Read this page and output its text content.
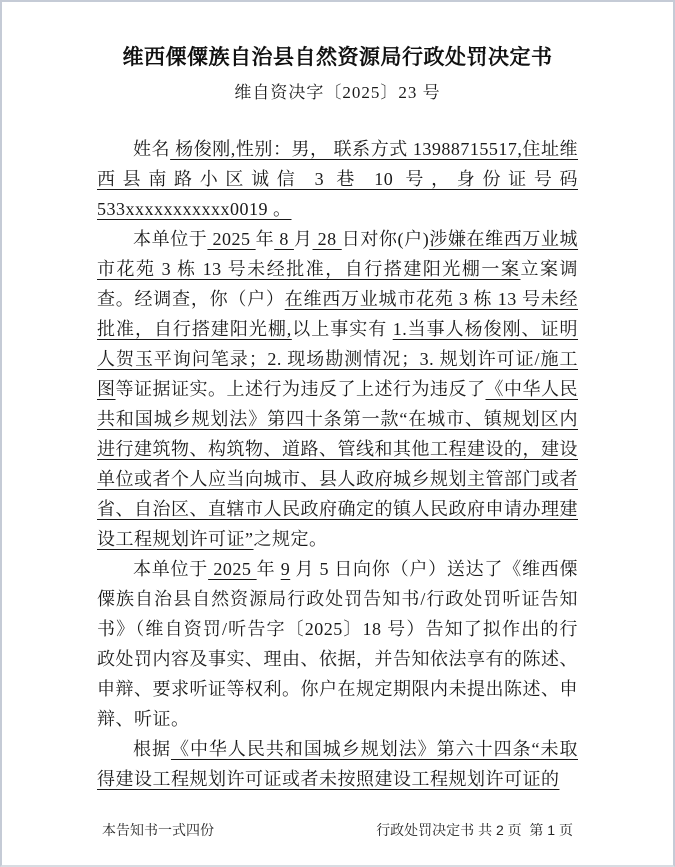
维西傈僳族自治县自然资源局行政处罚决定书
维自资决字〔2025〕23 号

姓名 杨俊刚,性别：男， 联系方式 13988715517,住址维西县南路小区诚信 3 巷 10 号，身份证号码 533xxxxxxxxxxx0019 。

本单位于 2025 年 8 月 28 日对你(户)涉嫌在维西万业城市花苑 3 栋 13 号未经批准，自行搭建阳光棚一案立案调查。经调查，你（户）在维西万业城市花苑 3 栋 13 号未经批准，自行搭建阳光棚,以上事实有 1.当事人杨俊刚、证明人贺玉平询问笔录；2. 现场勘测情况；3. 规划许可证/施工图等证据证实。上述行为违反了上述行为违反了《中华人民共和国城乡规划法》第四十条第一款“在城市、镇规划区内进行建筑物、构筑物、道路、管线和其他工程建设的，建设单位或者个人应当向城市、县人政府城乡规划主管部门或者省、自治区、直辖市人民政府确定的镇人民政府申请办理建设工程规划许可证”之规定。

本单位于 2025 年 9 月 5 日向你（户）送达了《维西傈僳族自治县自然资源局行政处罚告知书/行政处罚听证告知书》（维自资罚/听告字〔2025〕18 号）告知了拟作出的行政处罚内容及事实、理由、依据，并告知依法享有的陈述、申辩、要求听证等权利。你户在规定期限内未提出陈述、申辩、听证。

根据《中华人民共和国城乡规划法》第六十四条“未取得建设工程规划许可证或者未按照建设工程规划许可证的

本告知书一式四份	行政处罚决定书 共 2 页  第 1 页
